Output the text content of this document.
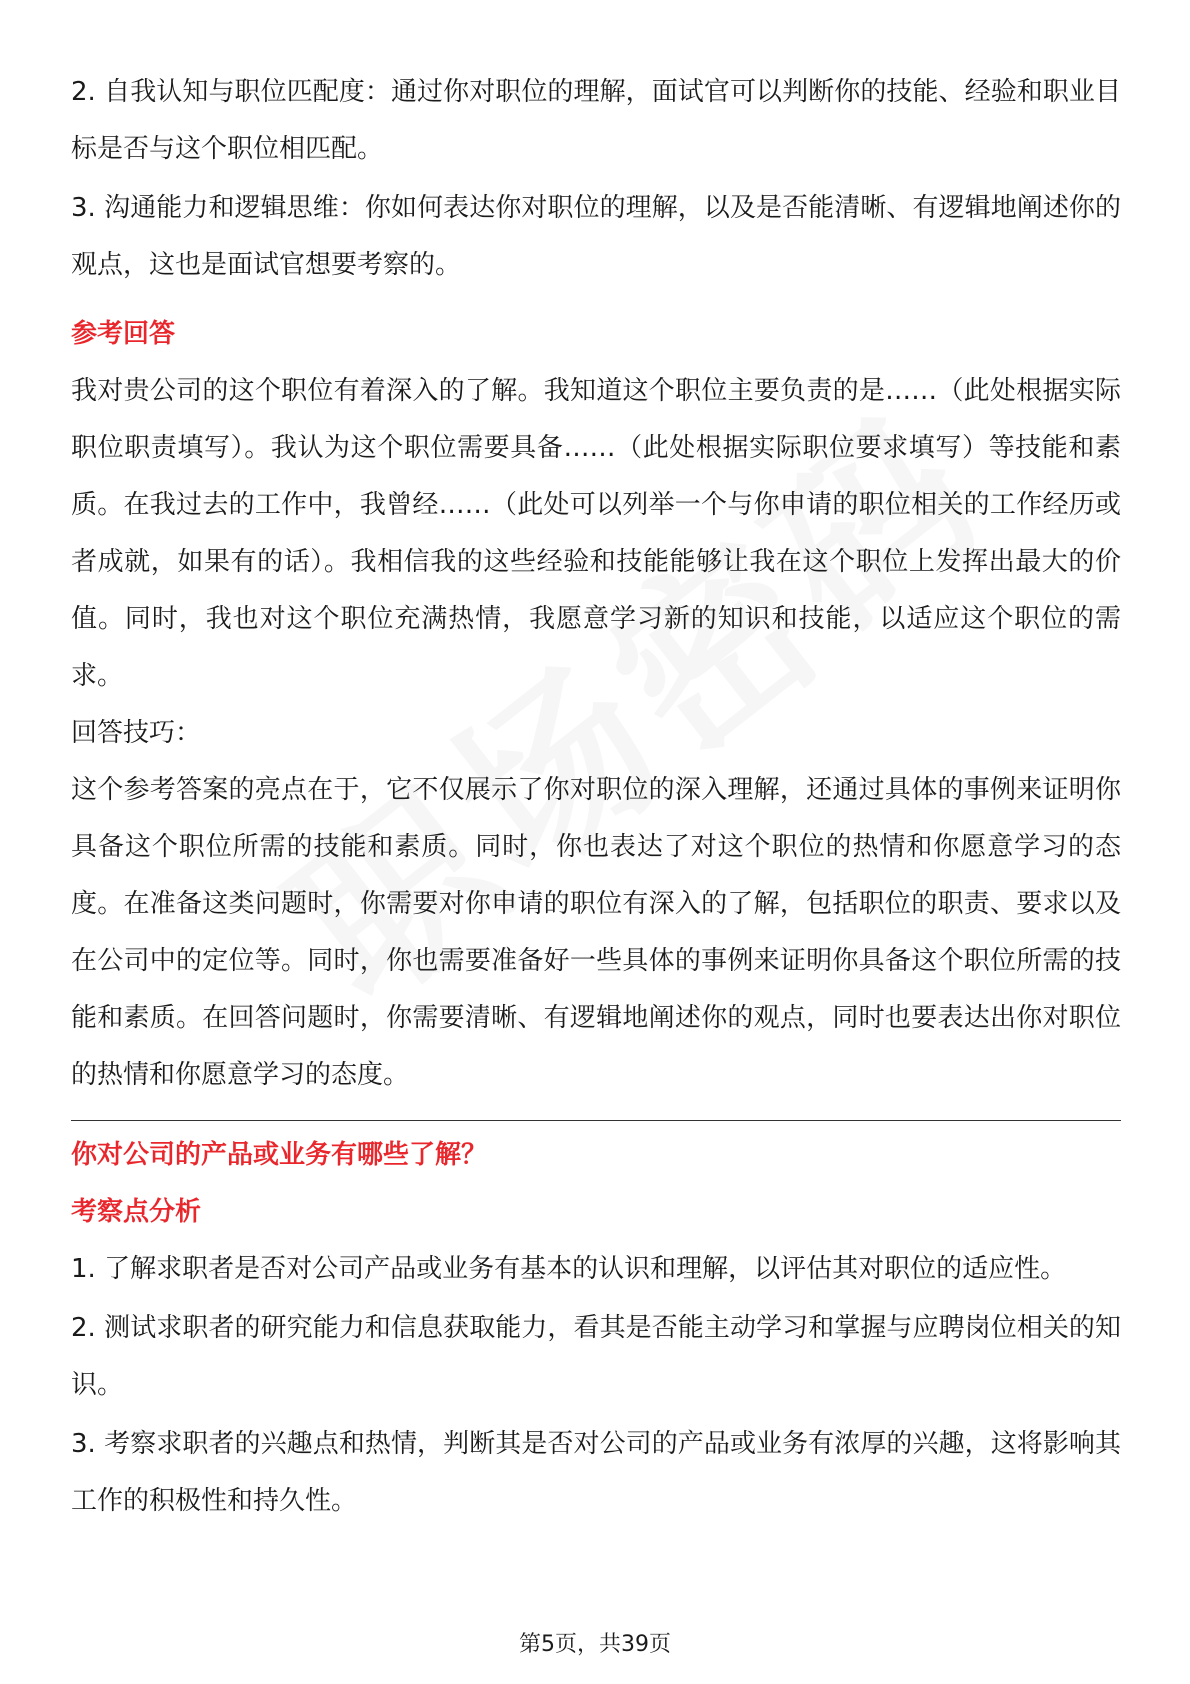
2. 自我认知与职位匹配度：通过你对职位的理解，面试官可以判断你的技能、经验和职业目标是否与这个职位相匹配。

3. 沟通能力和逻辑思维：你如何表达你对职位的理解，以及是否能清晰、有逻辑地阐述你的观点，这也是面试官想要考察的。

参考回答

我对贵公司的这个职位有着深入的了解。我知道这个职位主要负责的是……（此处根据实际职位职责填写）。我认为这个职位需要具备……（此处根据实际职位要求填写）等技能和素质。在我过去的工作中，我曾经……（此处可以列举一个与你申请的职位相关的工作经历或者成就，如果有的话）。我相信我的这些经验和技能能够让我在这个职位上发挥出最大的价值。同时，我也对这个职位充满热情，我愿意学习新的知识和技能，以适应这个职位的需求。

回答技巧：

这个参考答案的亮点在于，它不仅展示了你对职位的深入理解，还通过具体的事例来证明你具备这个职位所需的技能和素质。同时，你也表达了对这个职位的热情和你愿意学习的态度。在准备这类问题时，你需要对你申请的职位有深入的了解，包括职位的职责、要求以及在公司中的定位等。同时，你也需要准备好一些具体的事例来证明你具备这个职位所需的技能和素质。在回答问题时，你需要清晰、有逻辑地阐述你的观点，同时也要表达出你对职位的热情和你愿意学习的态度。

你对公司的产品或业务有哪些了解？

考察点分析

1. 了解求职者是否对公司产品或业务有基本的认识和理解，以评估其对职位的适应性。

2. 测试求职者的研究能力和信息获取能力，看其是否能主动学习和掌握与应聘岗位相关的知识。

3. 考察求职者的兴趣点和热情，判断其是否对公司的产品或业务有浓厚的兴趣，这将影响其工作的积极性和持久性。

第5页，共39页
